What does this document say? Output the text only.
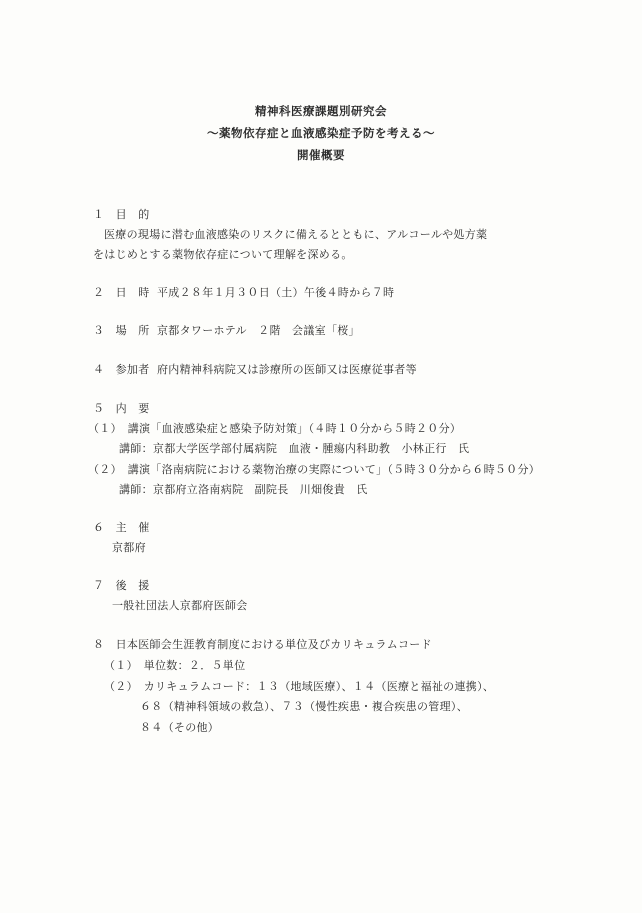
精神科医療課題別研究会
～薬物依存症と血液感染症予防を考える～
開催概要
１　目　的
医療の現場に潜む血液感染のリスクに備えるとともに、アルコールや処方薬
をはじめとする薬物依存症について理解を深める。
２　日　時 平成２８年１月３０日（土）午後４時から７時
３　場　所 京都タワーホテル　２階　会議室「桜」
４　参加者 府内精神科病院又は診療所の医師又は医療従事者等
５　内　要
（１）　講演「血液感染症と感染予防対策」（４時１０分から５時２０分）
講師：京都大学医学部付属病院　血液・腫瘍内科助教　小林正行　氏
（２）　講演「洛南病院における薬物治療の実際について」（５時３０分から６時５０分）
講師：京都府立洛南病院　副院長　川畑俊貴　氏
６　主　催
京都府
７　後　援
一般社団法人京都府医師会
８　日本医師会生涯教育制度における単位及びカリキュラムコード
（１）　単位数：２．５単位
（２）　カリキュラムコード：１３（地域医療）、１４（医療と福祉の連携）、
６８（精神科領域の救急）、７３（慢性疾患・複合疾患の管理）、
８４（その他）
